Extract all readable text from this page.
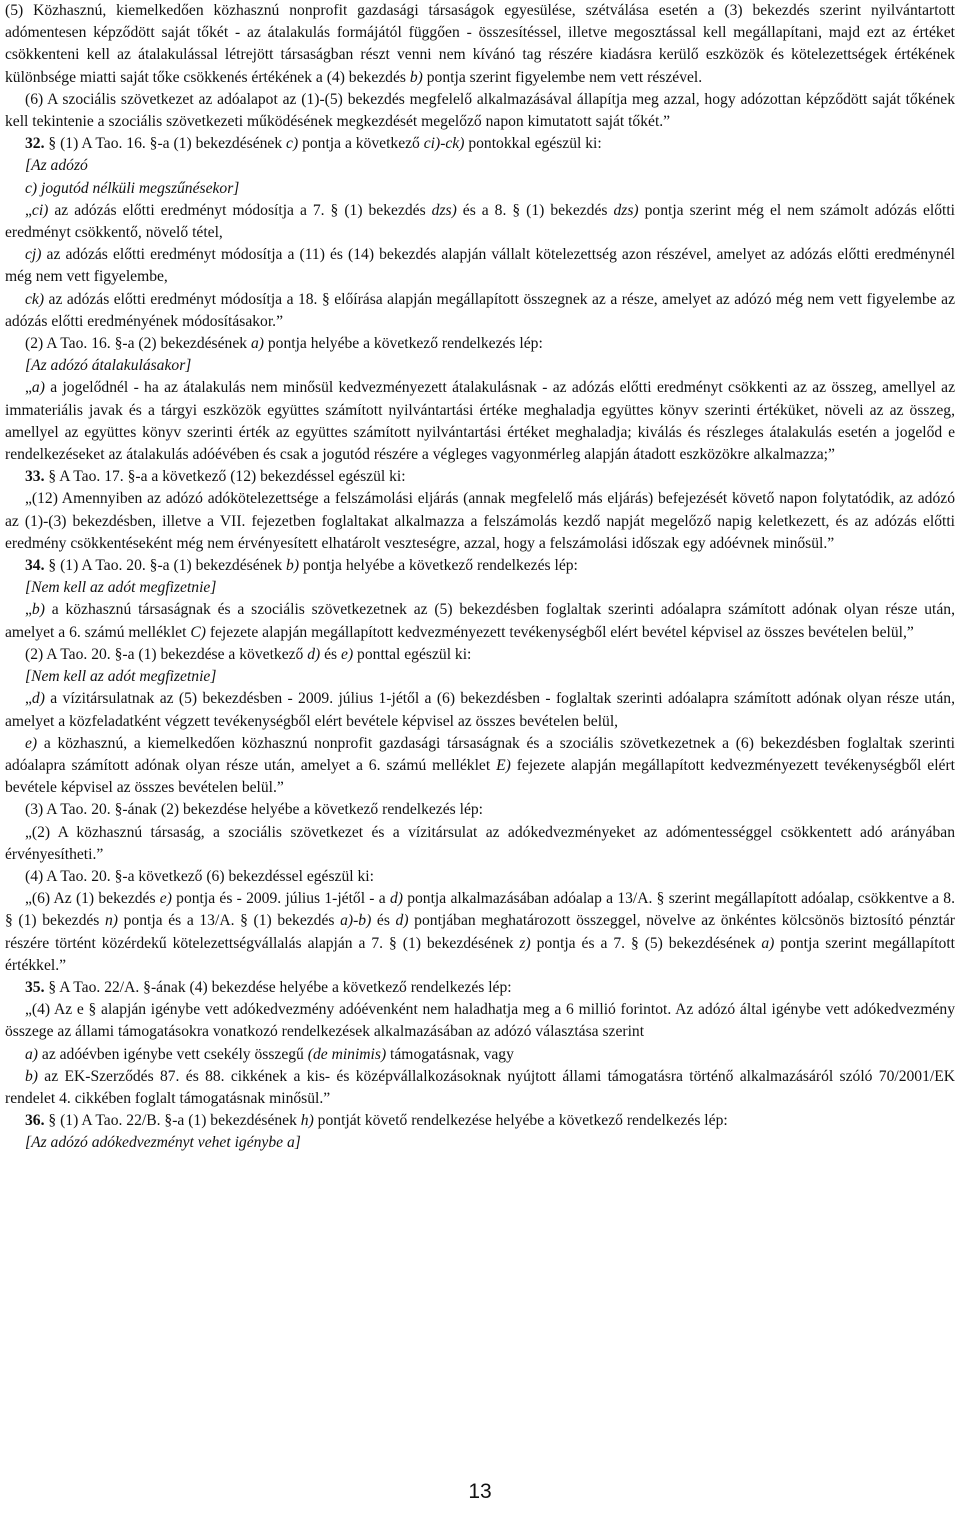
(5) Közhasznú, kiemelkedően közhasznú nonprofit gazdasági társaságok egyesülése, szétválása esetén a (3) bekezdés szerint nyilvántartott adómentesen képződött saját tőkét - az átalakulás formájától függően - összesítéssel, illetve megosztással kell megállapítani, majd ezt az értéket csökkenteni kell az átalakulással létrejött társaságban részt venni nem kívánó tag részére kiadásra kerülő eszközök és kötelezettségek értékének különbsége miatti saját tőke csökkenés értékének a (4) bekezdés b) pontja szerint figyelembe nem vett részével.

(6) A szociális szövetkezet az adóalapot az (1)-(5) bekezdés megfelelő alkalmazásával állapítja meg azzal, hogy adózottan képződött saját tőkének kell tekintenie a szociális szövetkezeti működésének megkezdését megelőző napon kimutatott saját tőkét.”

32. § (1) A Tao. 16. §-a (1) bekezdésének c) pontja a következő ci)-ck) pontokkal egészül ki:

[Az adózó

c) jogutód nélküli megszűnésekor]

„ci) az adózás előtti eredményt módosítja a 7. § (1) bekezdés dzs) és a 8. § (1) bekezdés dzs) pontja szerint még el nem számolt adózás előtti eredményt csökkentő, növelő tétel,

cj) az adózás előtti eredményt módosítja a (11) és (14) bekezdés alapján vállalt kötelezettség azon részével, amelyet az adózás előtti eredménynél még nem vett figyelembe,

ck) az adózás előtti eredményt módosítja a 18. § előírása alapján megállapított összegnek az a része, amelyet az adózó még nem vett figyelembe az adózás előtti eredményének módosításakor.”

(2) A Tao. 16. §-a (2) bekezdésének a) pontja helyébe a következő rendelkezés lép:

[Az adózó átalakulásakor]

„a) a jogelődnél - ha az átalakulás nem minősül kedvezményezett átalakulásnak - az adózás előtti eredményt csökkenti az az összeg, amellyel az immateriális javak és a tárgyi eszközök együttes számított nyilvántartási értéke meghaladja együttes könyv szerinti értéküket, növeli az az összeg, amellyel az együttes könyv szerinti érték az együttes számított nyilvántartási értéket meghaladja; kiválás és részleges átalakulás esetén a jogelőd e rendelkezéseket az átalakulás adóévében és csak a jogutód részére a végleges vagyonmérleg alapján átadott eszközökre alkalmazza;”

33. § A Tao. 17. §-a a következő (12) bekezdéssel egészül ki:

„(12) Amennyiben az adózó adókötelezettsége a felszámolási eljárás (annak megfelelő más eljárás) befejezését követő napon folytatódik, az adózó az (1)-(3) bekezdésben, illetve a VII. fejezetben foglaltakat alkalmazza a felszámolás kezdő napját megelőző napig keletkezett, és az adózás előtti eredmény csökkentéseként még nem érvényesített elhatárolt veszteségre, azzal, hogy a felszámolási időszak egy adóévnek minősül.”

34. § (1) A Tao. 20. §-a (1) bekezdésének b) pontja helyébe a következő rendelkezés lép:

[Nem kell az adót megfizetnie]

„b) a közhasznú társaságnak és a szociális szövetkezetnek az (5) bekezdésben foglaltak szerinti adóalapra számított adónak olyan része után, amelyet a 6. számú melléklet C) fejezete alapján megállapított kedvezményezett tevékenységből elért bevétel képvisel az összes bevételen belül,”

(2) A Tao. 20. §-a (1) bekezdése a következő d) és e) ponttal egészül ki:

[Nem kell az adót megfizetnie]

„d) a vízitársulatnak az (5) bekezdésben - 2009. július 1-jétől a (6) bekezdésben - foglaltak szerinti adóalapra számított adónak olyan része után, amelyet a közfeladatként végzett tevékenységből elért bevétele képvisel az összes bevételen belül,

e) a közhasznú, a kiemelkedően közhasznú nonprofit gazdasági társaságnak és a szociális szövetkezetnek a (6) bekezdésben foglaltak szerinti adóalapra számított adónak olyan része után, amelyet a 6. számú melléklet E) fejezete alapján megállapított kedvezményezett tevékenységből elért bevétele képvisel az összes bevételen belül.”

(3) A Tao. 20. §-ának (2) bekezdése helyébe a következő rendelkezés lép:

„(2) A közhasznú társaság, a szociális szövetkezet és a vízitársulat az adókedvezményeket az adómentességgel csökkentett adó arányában érvényesítheti.”

(4) A Tao. 20. §-a következő (6) bekezdéssel egészül ki:

„(6) Az (1) bekezdés e) pontja és - 2009. július 1-jétől - a d) pontja alkalmazásában adóalap a 13/A. § szerint megállapított adóalap, csökkentve a 8. § (1) bekezdés n) pontja és a 13/A. § (1) bekezdés a)-b) és d) pontjában meghatározott összeggel, növelve az önkéntes kölcsönös biztosító pénztár részére történt közérdekű kötelezettségvállalás alapján a 7. § (1) bekezdésének z) pontja és a 7. § (5) bekezdésének a) pontja szerint megállapított értékkel.”

35. § A Tao. 22/A. §-ának (4) bekezdése helyébe a következő rendelkezés lép:

„(4) Az e § alapján igénybe vett adókedvezmény adóévenként nem haladhatja meg a 6 millió forintot. Az adózó által igénybe vett adókedvezmény összege az állami támogatásokra vonatkozó rendelkezések alkalmazásában az adózó választása szerint

a) az adóévben igénybe vett csekély összegű (de minimis) támogatásnak, vagy

b) az EK-Szerződés 87. és 88. cikkének a kis- és középvállalkozásoknak nyújtott állami támogatásra történő alkalmazásáról szóló 70/2001/EK rendelet 4. cikkében foglalt támogatásnak minősül.”

36. § (1) A Tao. 22/B. §-a (1) bekezdésének h) pontját követő rendelkezése helyébe a következő rendelkezés lép:

[Az adózó adókedvezményt vehet igénybe a]

13
